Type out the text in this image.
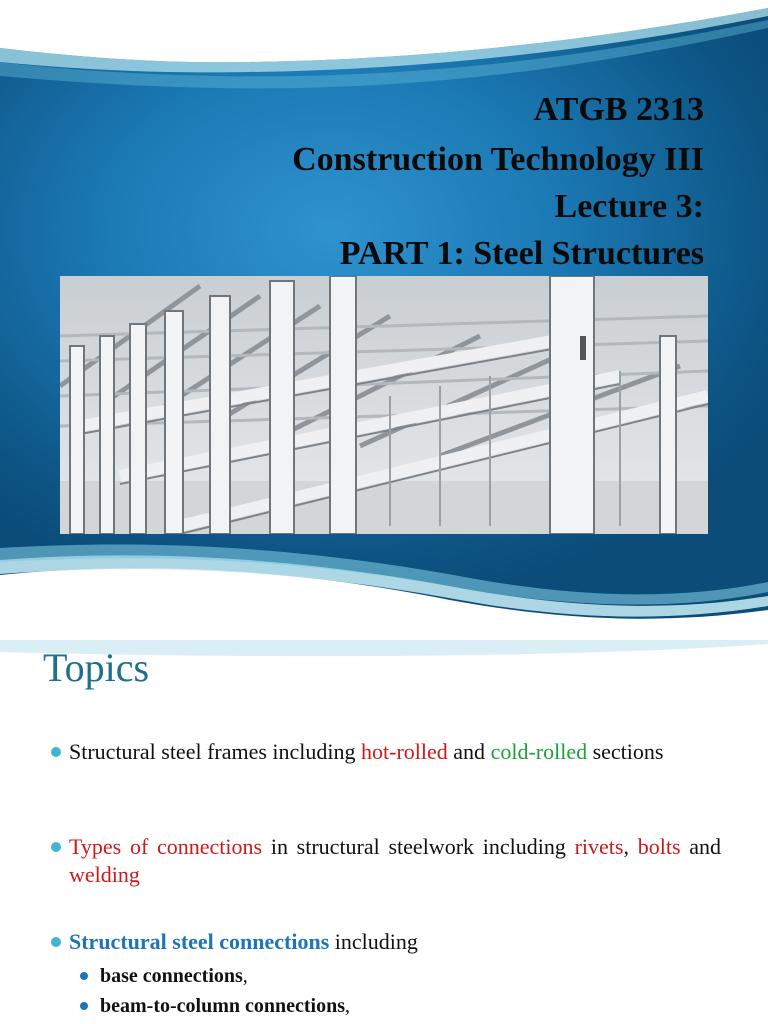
ATGB 2313
Construction Technology III
Lecture 3:
PART 1: Steel Structures
Topics
Structural steel frames including hot-rolled and cold-rolled sections
Types of connections in structural steelwork including rivets, bolts and welding
Structural steel connections including
base connections,
beam-to-column connections,
